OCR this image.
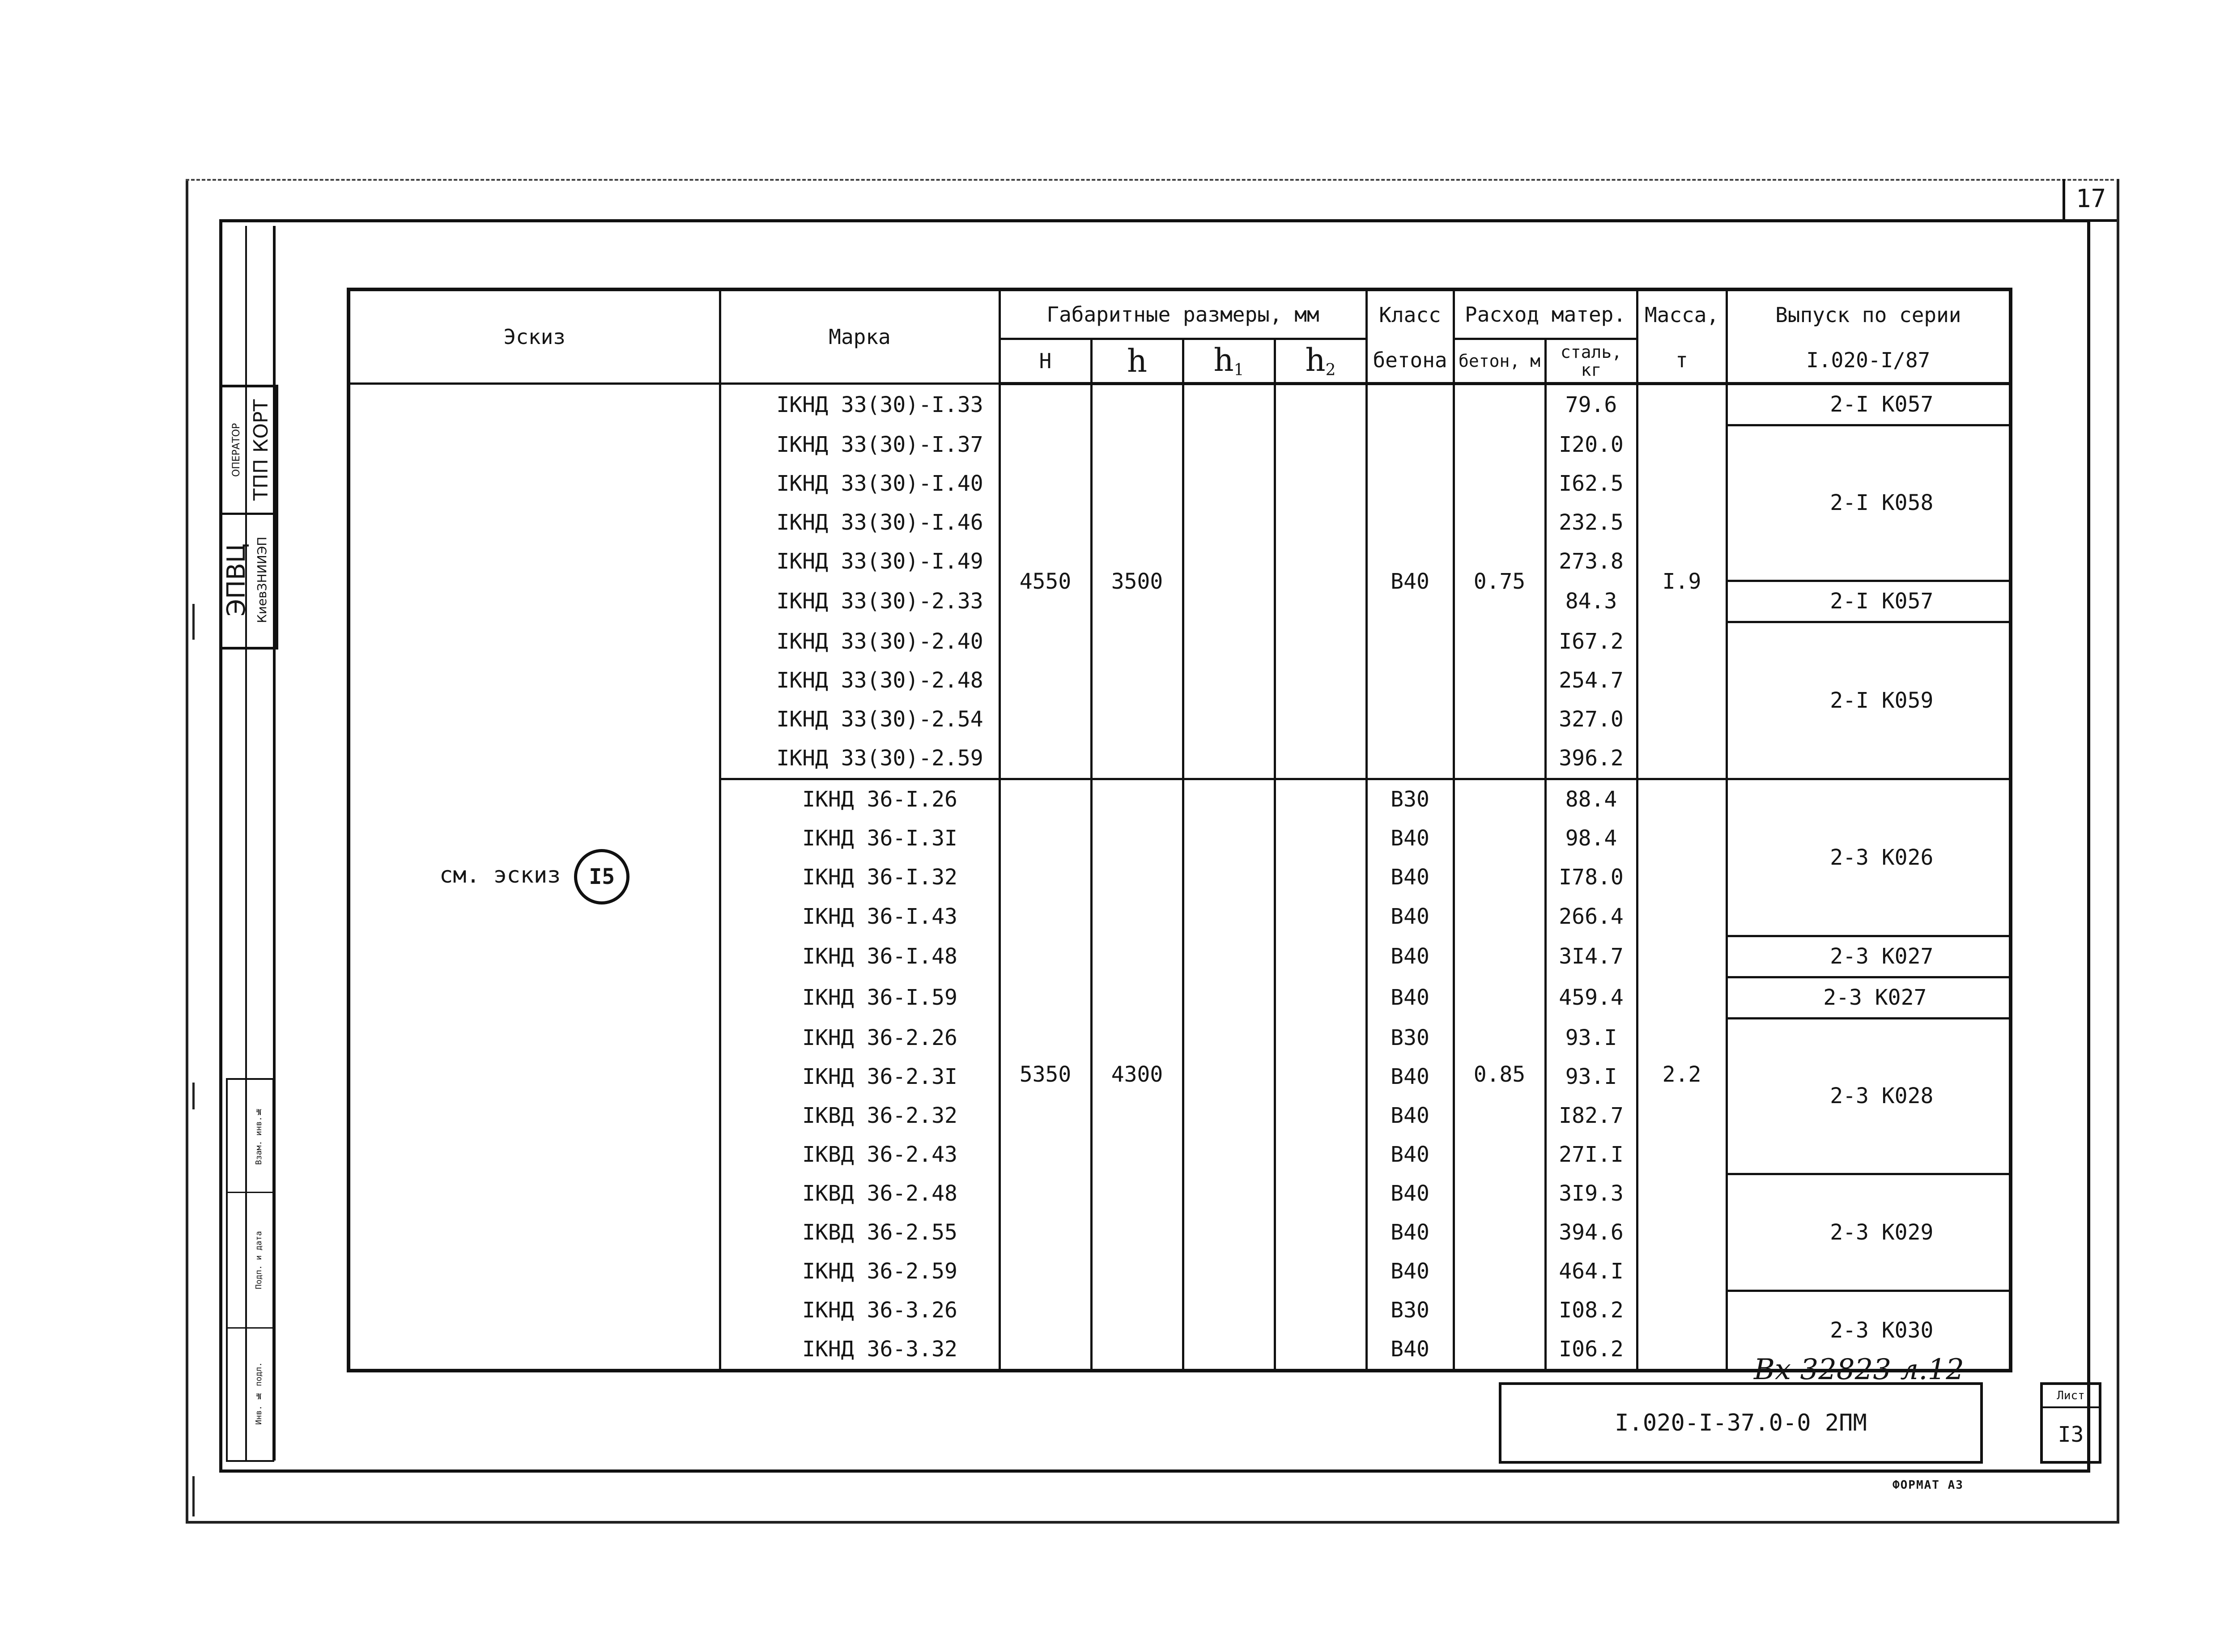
17
ЭПВЦ КиевЗНИИЭП
ОПЕРАТОР ТПП КОРТ
Взам. инв.№
Подп. и дата
Инв. № подл.
Эскиз	Марка	Габаритные размеры, мм				Класс	Расход матер.		Масса,	Выпуск по серии
		Н	h	$h_1$	$h_2$	бетона	бетон, м	сталь, кг	т	I.020-I/87
см. эскиз I5	IКНД 33(30)-I.33	4550	3500			В40	0.75	79.6	I.9	2-I К057
	IКНД 33(30)-I.37							I20.0		2-I К058
	IКНД 33(30)-I.40							I62.5		
	IКНД 33(30)-I.46							232.5		
	IКНД 33(30)-I.49							273.8		
	IКНД 33(30)-2.33							84.3		2-I К057
	IКНД 33(30)-2.40							I67.2		2-I К059
	IКНД 33(30)-2.48							254.7		
	IКНД 33(30)-2.54							327.0		
	IКНД 33(30)-2.59							396.2		
	IКНД 36-I.26	5350	4300			В30	0.85	88.4	2.2	2-3 К026
	IКНД 36-I.3I					В40		98.4		
	IКНД 36-I.32					В40		I78.0		
	IКНД 36-I.43					В40		266.4		
	IКНД 36-I.48					В40		3I4.7		2-3 К027
	IКНД 36-I.59					В40		459.4		2-3 К027
	IКНД 36-2.26					В30		93.I		2-3 К028
	IКНД 36-2.3I					В40		93.I		
	IКВД 36-2.32					В40		I82.7		
	IКВД 36-2.43					В40		27I.I		
	IКВД 36-2.48					В40		3I9.3		2-3 К029
	IКВД 36-2.55					В40		394.6		
	IКНД 36-2.59					В40		464.I		
	IКНД 36-3.26					В30		I08.2		2-3 К030
	IКНД 36-3.32					В40		I06.2		
Вх 32823 л.12
I.020-I-37.0-0 2ПМ
Лист
I3
ФОРМАТ А3
